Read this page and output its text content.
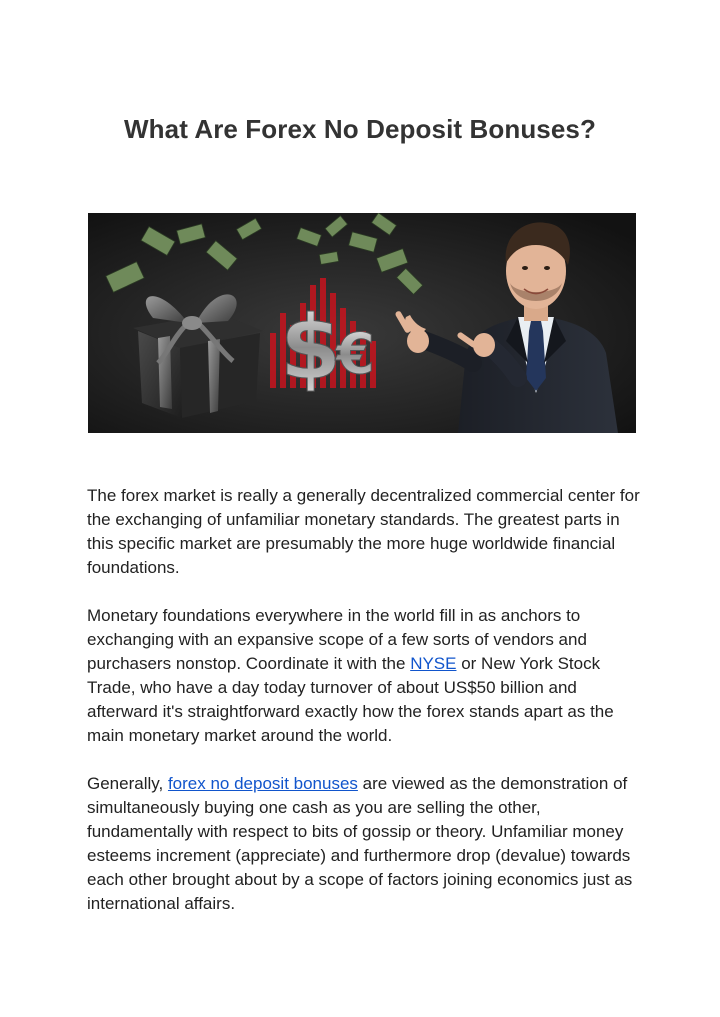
What Are Forex No Deposit Bonuses?
$
€

The forex market is really a generally decentralized commercial center for the exchanging of unfamiliar monetary standards. The greatest parts in this specific market are presumably the more huge worldwide financial foundations.

Monetary foundations everywhere in the world fill in as anchors to exchanging with an expansive scope of a few sorts of vendors and purchasers nonstop. Coordinate it with the NYSE or New York Stock Trade, who have a day today turnover of about US$50 billion and afterward it's straightforward exactly how the forex stands apart as the main monetary market around the world.

Generally, forex no deposit bonuses are viewed as the demonstration of simultaneously buying one cash as you are selling the other, fundamentally with respect to bits of gossip or theory. Unfamiliar money esteems increment (appreciate) and furthermore drop (devalue) towards each other brought about by a scope of factors joining economics just as international affairs.
